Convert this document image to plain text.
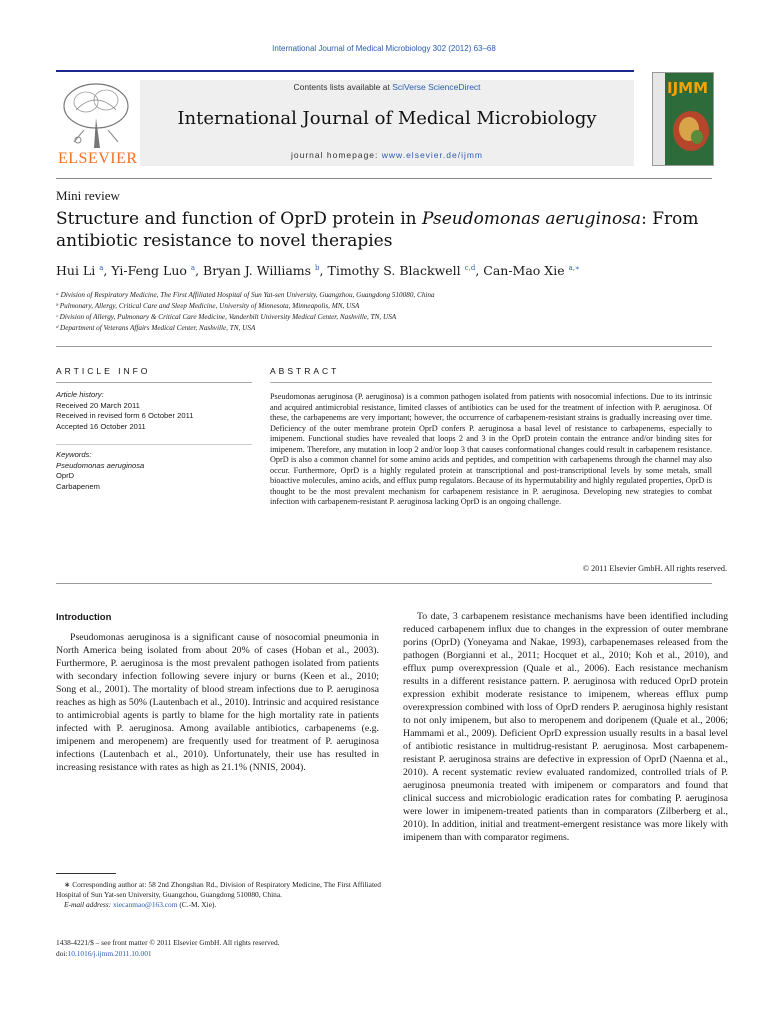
International Journal of Medical Microbiology 302 (2012) 63–68
ELSEVIER
Contents lists available at SciVerse ScienceDirect
International Journal of Medical Microbiology
journal homepage: www.elsevier.de/ijmm
IJMM
Mini review
Structure and function of OprD protein in Pseudomonas aeruginosa: From antibiotic resistance to novel therapies
Hui Li $^a$, Yi-Feng Luo $^a$, Bryan J. Williams $^b$, Timothy S. Blackwell $^{c,d}$, Can-Mao Xie $^{a,∗}$
ᵃ Division of Respiratory Medicine, The First Affiliated Hospital of Sun Yat-sen University, Guangzhou, Guangdong 510080, China
ᵇ Pulmonary, Allergy, Critical Care and Sleep Medicine, University of Minnesota, Minneapolis, MN, USA
ᶜ Division of Allergy, Pulmonary & Critical Care Medicine, Vanderbilt University Medical Center, Nashville, TN, USA
ᵈ Department of Veterans Affairs Medical Center, Nashville, TN, USA
ARTICLE INFO	ABSTRACT
Article history:
Received 20 March 2011
Received in revised form 6 October 2011
Accepted 16 October 2011
Keywords:
Pseudomonas aeruginosa
OprD
Carbapenem
Pseudomonas aeruginosa (P. aeruginosa) is a common pathogen isolated from patients with nosocomial infections. Due to its intrinsic and acquired antimicrobial resistance, limited classes of antibiotics can be used for the treatment of infection with P. aeruginosa. Of these, the carbapenems are very important; however, the occurrence of carbapenem-resistant strains is gradually increasing over time. Deficiency of the outer membrane protein OprD confers P. aeruginosa a basal level of resistance to carbapenems, especially to imipenem. Functional studies have revealed that loops 2 and 3 in the OprD protein contain the entrance and/or binding sites for imipenem. Therefore, any mutation in loop 2 and/or loop 3 that causes conformational changes could result in carbapenem resistance. OprD is also a common channel for some amino acids and peptides, and competition with carbapenems through the channel may also occur. Furthermore, OprD is a highly regulated protein at transcriptional and post-transcriptional levels by some metals, small bioactive molecules, amino acids, and efflux pump regulators. Because of its hypermutability and highly regulated properties, OprD is thought to be the most prevalent mechanism for carbapenem resistance in P. aeruginosa. Developing new strategies to combat infection with carbapenem-resistant P. aeruginosa lacking OprD is an ongoing challenge.
© 2011 Elsevier GmbH. All rights reserved.
Introduction
Pseudomonas aeruginosa is a significant cause of nosocomial pneumonia in North America being isolated from about 20% of cases (Hoban et al., 2003). Furthermore, P. aeruginosa is the most prevalent pathogen isolated from patients with secondary infection following severe injury or burns (Keen et al., 2010; Song et al., 2001). The mortality of blood stream infections due to P. aeruginosa reaches as high as 50% (Lautenbach et al., 2010). Intrinsic and acquired resistance to antimicrobial agents is partly to blame for the high mortality rate in patients infected with P. aeruginosa. Among available antibiotics, carbapenems (e.g. imipenem and meropenem) are frequently used for treatment of P. aeruginosa infections (Lautenbach et al., 2010). Unfortunately, their use has resulted in increasing resistance with rates as high as 21.1% (NNIS, 2004).
To date, 3 carbapenem resistance mechanisms have been identified including reduced carbapenem influx due to changes in the expression of outer membrane porins (OprD) (Yoneyama and Nakae, 1993), carbapenemases released from the pathogen (Borgianni et al., 2011; Hocquet et al., 2010; Koh et al., 2010), and efflux pump overexpression (Quale et al., 2006). Each resistance mechanism results in a different resistance pattern. P. aeruginosa with reduced OprD protein expression exhibit moderate resistance to imipenem, whereas efflux pump overexpression combined with loss of OprD renders P. aeruginosa highly resistant to not only imipenem, but also to meropenem and doripenem (Quale et al., 2006; Hammami et al., 2009). Deficient OprD expression usually results in a basal level of antibiotic resistance in multidrug-resistant P. aeruginosa. Most carbapenem-resistant P. aeruginosa strains are defective in expression of OprD (Naenna et al., 2010). A recent systematic review evaluated randomized, controlled trials of P. aeruginosa pneumonia treated with imipenem or comparators and found that clinical success and microbiologic eradication rates for combating P. aeruginosa were lower in imipenem-treated patients than in comparators (Zilberberg et al., 2010). In addition, initial and treatment-emergent resistance was more likely with imipenem than with comparator regimens.
∗ Corresponding author at: 58 2nd Zhongshan Rd., Division of Respiratory Medicine, The First Affiliated Hospital of Sun Yat-sen University, Guangzhou, Guangdong 510080, China.
E-mail address: xiecanmao@163.com (C.-M. Xie).
1438-4221/$ – see front matter © 2011 Elsevier GmbH. All rights reserved.
doi:10.1016/j.ijmm.2011.10.001
